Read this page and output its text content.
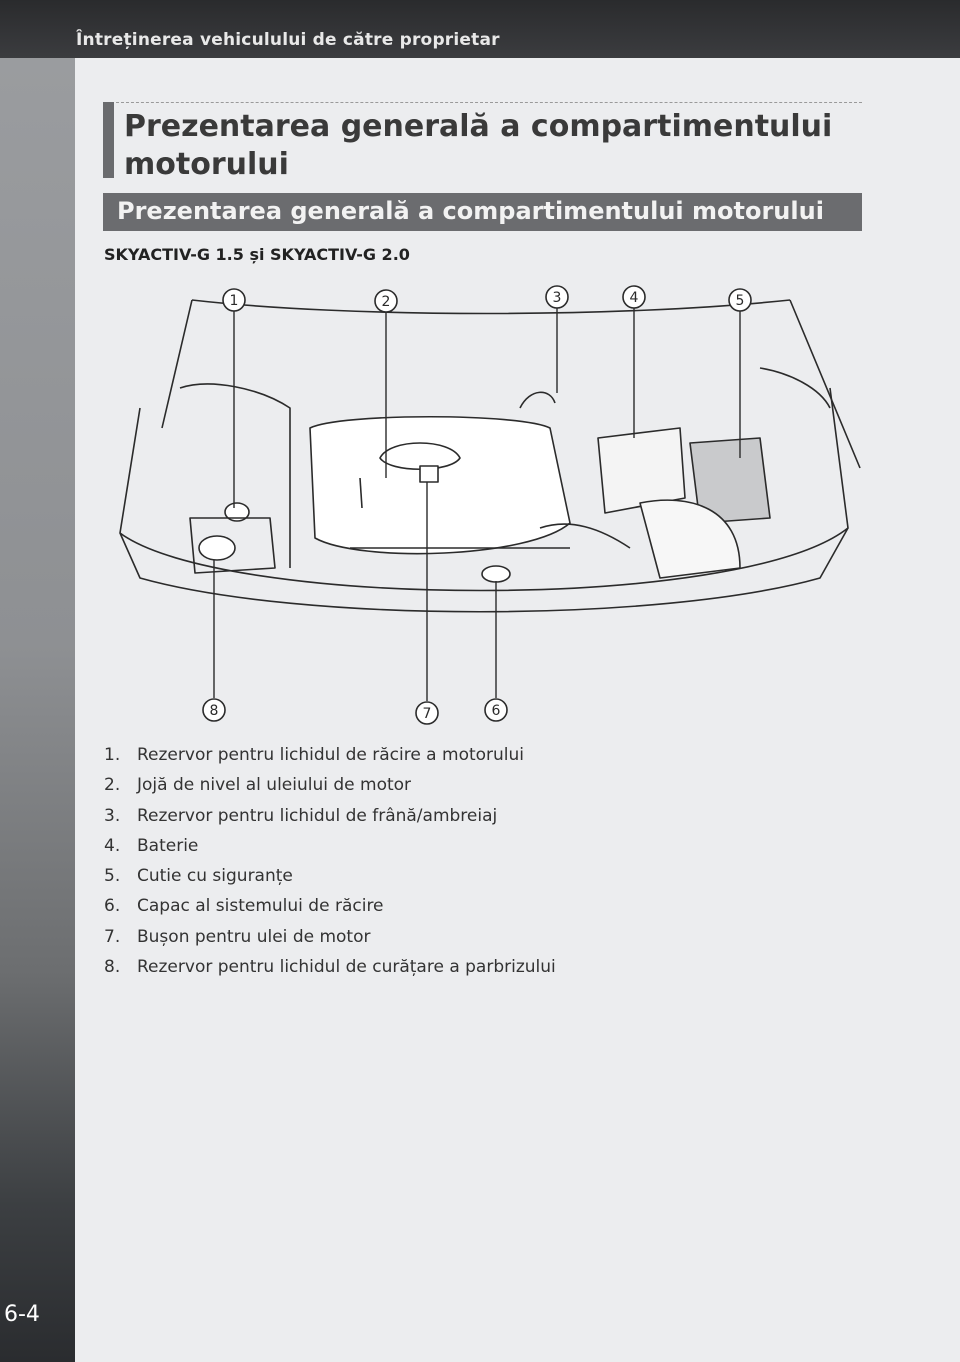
Întreținerea vehiculului de către proprietar
6-4
Prezentarea generală a compartimentului motorului
Prezentarea generală a compartimentului motorului
SKYACTIV-G 1.5 și SKYACTIV-G 2.0
1	2	3	4	5
6
7
8
1. Rezervor pentru lichidul de răcire a motorului
2. Jojă de nivel al uleiului de motor
3. Rezervor pentru lichidul de frână/ambreiaj
4. Baterie
5. Cutie cu siguranțe
6. Capac al sistemului de răcire
7. Bușon pentru ulei de motor
8. Rezervor pentru lichidul de curățare a parbrizului
